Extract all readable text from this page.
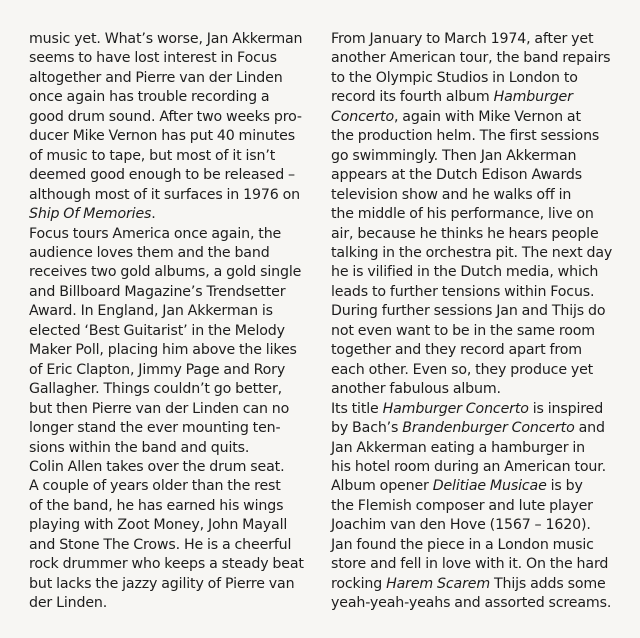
music yet. What’s worse, Jan Akkerman
seems to have lost interest in Focus
altogether and Pierre van der Linden
once again has trouble recording a
good drum sound. After two weeks pro-
ducer Mike Vernon has put 40 minutes
of music to tape, but most of it isn’t
deemed good enough to be released –
although most of it surfaces in 1976 on
Ship Of Memories.
Focus tours America once again, the
audience loves them and the band
receives two gold albums, a gold single
and Billboard Magazine’s Trendsetter
Award. In England, Jan Akkerman is
elected ‘Best Guitarist’ in the Melody
Maker Poll, placing him above the likes
of Eric Clapton, Jimmy Page and Rory
Gallagher. Things couldn’t go better,
but then Pierre van der Linden can no
longer stand the ever mounting ten-
sions within the band and quits.
Colin Allen takes over the drum seat.
A couple of years older than the rest
of the band, he has earned his wings
playing with Zoot Money, John Mayall
and Stone The Crows. He is a cheerful
rock drummer who keeps a steady beat
but lacks the jazzy agility of Pierre van
der Linden.
From January to March 1974, after yet
another American tour, the band repairs
to the Olympic Studios in London to
record its fourth album Hamburger
Concerto, again with Mike Vernon at
the production helm. The first sessions
go swimmingly. Then Jan Akkerman
appears at the Dutch Edison Awards
television show and he walks off in
the middle of his performance, live on
air, because he thinks he hears people
talking in the orchestra pit. The next day
he is vilified in the Dutch media, which
leads to further tensions within Focus.
During further sessions Jan and Thijs do
not even want to be in the same room
together and they record apart from
each other. Even so, they produce yet
another fabulous album.
Its title Hamburger Concerto is inspired
by Bach’s Brandenburger Concerto and
Jan Akkerman eating a hamburger in
his hotel room during an American tour.
Album opener Delitiae Musicae is by
the Flemish composer and lute player
Joachim van den Hove (1567 – 1620).
Jan found the piece in a London music
store and fell in love with it. On the hard
rocking Harem Scarem Thijs adds some
yeah-yeah-yeahs and assorted screams.
